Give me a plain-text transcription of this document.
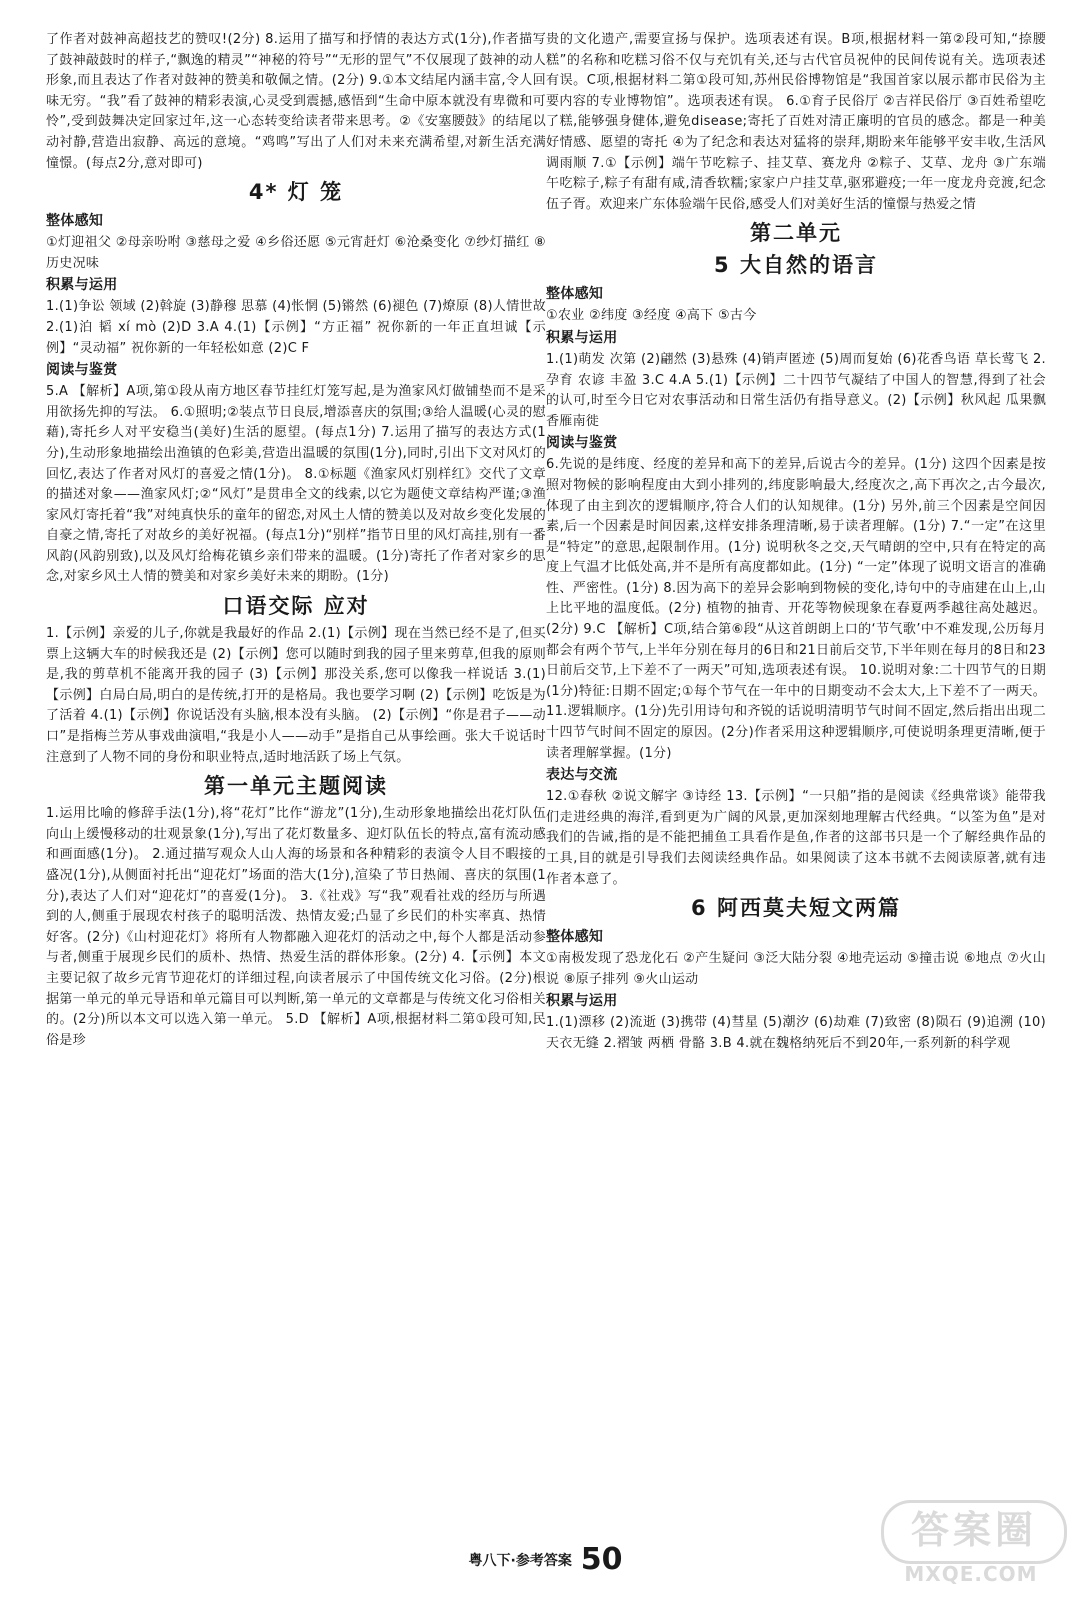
了作者对鼓神高超技艺的赞叹!(2分) 8.运用了描写和抒情的表达方式(1分),作者描写了鼓神敲鼓时的样子,“飘逸的精灵”“神秘的符号”“无形的罡气”不仅展现了鼓神的动人形象,而且表达了作者对鼓神的赞美和敬佩之情。(2分) 9.①本文结尾内涵丰富,令人回味无穷。“我”看了鼓神的精彩表演,心灵受到震撼,感悟到“生命中原本就没有卑微和可怜”,受到鼓舞决定回家过年,这一心态转变给读者带来思考。②《安塞腰鼓》的结尾以动衬静,营造出寂静、高远的意境。“鸡鸣”写出了人们对未来充满希望,对新生活充满憧憬。(每点2分,意对即可)

4* 灯 笼

整体感知

①灯迎祖父 ②母亲吩咐 ③慈母之爱 ④乡俗还愿 ⑤元宵赶灯 ⑥沧桑变化 ⑦纱灯描红 ⑧历史况味

积累与运用

1.(1)争讼 领域 (2)斡旋 (3)静穆 思慕 (4)怅惘 (5)锵然 (6)褪色 (7)燎原 (8)人情世故 2.(1)泊 韬 xí mò (2)D 3.A 4.(1)【示例】“方正福” 祝你新的一年正直坦诚【示例】“灵动福” 祝你新的一年轻松如意 (2)C F

阅读与鉴赏

5.A 【解析】A项,第①段从南方地区春节挂红灯笼写起,是为渔家风灯做铺垫而不是采用欲扬先抑的写法。 6.①照明;②装点节日良辰,增添喜庆的氛围;③给人温暖(心灵的慰藉),寄托乡人对平安稳当(美好)生活的愿望。(每点1分) 7.运用了描写的表达方式(1分),生动形象地描绘出渔镇的色彩美,营造出温暖的氛围(1分),同时,引出下文对风灯的回忆,表达了作者对风灯的喜爱之情(1分)。 8.①标题《渔家风灯别样红》交代了文章的描述对象——渔家风灯;②“风灯”是贯串全文的线索,以它为题使文章结构严谨;③渔家风灯寄托着“我”对纯真快乐的童年的留恋,对风土人情的赞美以及对故乡变化发展的自豪之情,寄托了对故乡的美好祝福。(每点1分)“别样”指节日里的风灯高挂,别有一番风韵(风韵别致),以及风灯给梅花镇乡亲们带来的温暖。(1分)寄托了作者对家乡的思念,对家乡风土人情的赞美和对家乡美好未来的期盼。(1分)

口语交际 应对

1.【示例】亲爱的儿子,你就是我最好的作品 2.(1)【示例】现在当然已经不是了,但买票上这辆大车的时候我还是 (2)【示例】您可以随时到我的园子里来剪草,但我的原则是,我的剪草机不能离开我的园子 (3)【示例】那没关系,您可以像我一样说话 3.(1)【示例】白局白局,明白的是传统,打开的是格局。我也要学习啊 (2)【示例】吃饭是为了活着 4.(1)【示例】你说话没有头脑,根本没有头脑。 (2)【示例】“你是君子——动口”是指梅兰芳从事戏曲演唱,“我是小人——动手”是指自己从事绘画。张大千说话时注意到了人物不同的身份和职业特点,适时地活跃了场上气氛。

第一单元主题阅读

1.运用比喻的修辞手法(1分),将“花灯”比作“游龙”(1分),生动形象地描绘出花灯队伍向山上缓慢移动的壮观景象(1分),写出了花灯数量多、迎灯队伍长的特点,富有流动感和画面感(1分)。 2.通过描写观众人山人海的场景和各种精彩的表演令人目不暇接的盛况(1分),从侧面衬托出“迎花灯”场面的浩大(1分),渲染了节日热闹、喜庆的氛围(1分),表达了人们对“迎花灯”的喜爱(1分)。 3.《社戏》写“我”观看社戏的经历与所遇到的人,侧重于展现农村孩子的聪明活泼、热情友爱;凸显了乡民们的朴实率真、热情好客。(2分)《山村迎花灯》将所有人物都融入迎花灯的活动之中,每个人都是活动参与者,侧重于展现乡民们的质朴、热情、热爱生活的群体形象。(2分) 4.【示例】本文主要记叙了故乡元宵节迎花灯的详细过程,向读者展示了中国传统文化习俗。(2分)根据第一单元的单元导语和单元篇目可以判断,第一单元的文章都是与传统文化习俗相关的。(2分)所以本文可以选入第一单元。 5.D 【解析】A项,根据材料二第①段可知,民俗是珍

贵的文化遗产,需要宣扬与保护。选项表述有误。B项,根据材料一第②段可知,“捺腰糕”的名称和吃糕习俗不仅与充饥有关,还与古代官员祝仲的民间传说有关。选项表述有误。C项,根据材料二第①段可知,苏州民俗博物馆是“我国首家以展示都市民俗为主要内容的专业博物馆”。选项表述有误。 6.①育子民俗厅 ②吉祥民俗厅 ③百姓希望吃了糕,能够强身健体,避免disease;寄托了百姓对清正廉明的官员的感念。都是一种美好情感、愿望的寄托 ④为了纪念和表达对猛将的崇拜,期盼来年能够平安丰收,生活风调雨顺 7.①【示例】端午节吃粽子、挂艾草、赛龙舟 ②粽子、艾草、龙舟 ③广东端午吃粽子,粽子有甜有咸,清香软糯;家家户户挂艾草,驱邪避疫;一年一度龙舟竞渡,纪念伍子胥。欢迎来广东体验端午民俗,感受人们对美好生活的憧憬与热爱之情

第二单元
5 大自然的语言

整体感知

①农业 ②纬度 ③经度 ④高下 ⑤古今

积累与运用

1.(1)萌发 次第 (2)翩然 (3)悬殊 (4)销声匿迹 (5)周而复始 (6)花香鸟语 草长莺飞 2.孕育 农谚 丰盈 3.C 4.A 5.(1)【示例】二十四节气凝结了中国人的智慧,得到了社会的认可,时至今日它对农事活动和日常生活仍有指导意义。(2)【示例】秋风起 瓜果飘香雁南徙

阅读与鉴赏

6.先说的是纬度、经度的差异和高下的差异,后说古今的差异。(1分) 这四个因素是按照对物候的影响程度由大到小排列的,纬度影响最大,经度次之,高下再次之,古今最次,体现了由主到次的逻辑顺序,符合人们的认知规律。(1分) 另外,前三个因素是空间因素,后一个因素是时间因素,这样安排条理清晰,易于读者理解。(1分) 7.“一定”在这里是“特定”的意思,起限制作用。(1分) 说明秋冬之交,天气晴朗的空中,只有在特定的高度上气温才比低处高,并不是所有高度都如此。(1分) “一定”体现了说明文语言的准确性、严密性。(1分) 8.因为高下的差异会影响到物候的变化,诗句中的寺庙建在山上,山上比平地的温度低。(2分) 植物的抽青、开花等物候现象在春夏两季越往高处越迟。(2分) 9.C 【解析】C项,结合第⑥段“从这首朗朗上口的‘节气歌’中不难发现,公历每月都会有两个节气,上半年分别在每月的6日和21日前后交节,下半年则在每月的8日和23日前后交节,上下差不了一两天”可知,选项表述有误。 10.说明对象:二十四节气的日期 (1分)特征:日期不固定;①每个节气在一年中的日期变动不会太大,上下差不了一两天。 11.逻辑顺序。(1分)先引用诗句和齐锐的话说明清明节气时间不固定,然后指出出现二十四节气时间不固定的原因。(2分)作者采用这种逻辑顺序,可使说明条理更清晰,便于读者理解掌握。(1分)

表达与交流

12.①春秋 ②说文解字 ③诗经 13.【示例】“一只船”指的是阅读《经典常谈》能带我们走进经典的海洋,看到更为广阔的风景,更加深刻地理解古代经典。“以筌为鱼”是对我们的告诫,指的是不能把捕鱼工具看作是鱼,作者的这部书只是一个了解经典作品的工具,目的就是引导我们去阅读经典作品。如果阅读了这本书就不去阅读原著,就有违作者本意了。

6 阿西莫夫短文两篇

整体感知

①南极发现了恐龙化石 ②产生疑问 ③泛大陆分裂 ④地壳运动 ⑤撞击说 ⑥地点 ⑦火山说 ⑧原子排列 ⑨火山运动

积累与运用

1.(1)漂移 (2)流逝 (3)携带 (4)彗星 (5)潮汐 (6)劫难 (7)致密 (8)陨石 (9)追溯 (10)天衣无缝 2.褶皱 两栖 骨骼 3.B 4.就在魏格纳死后不到20年,一系列新的科学观

粤八下·参考答案 50
答案圈
MXQE.COM
